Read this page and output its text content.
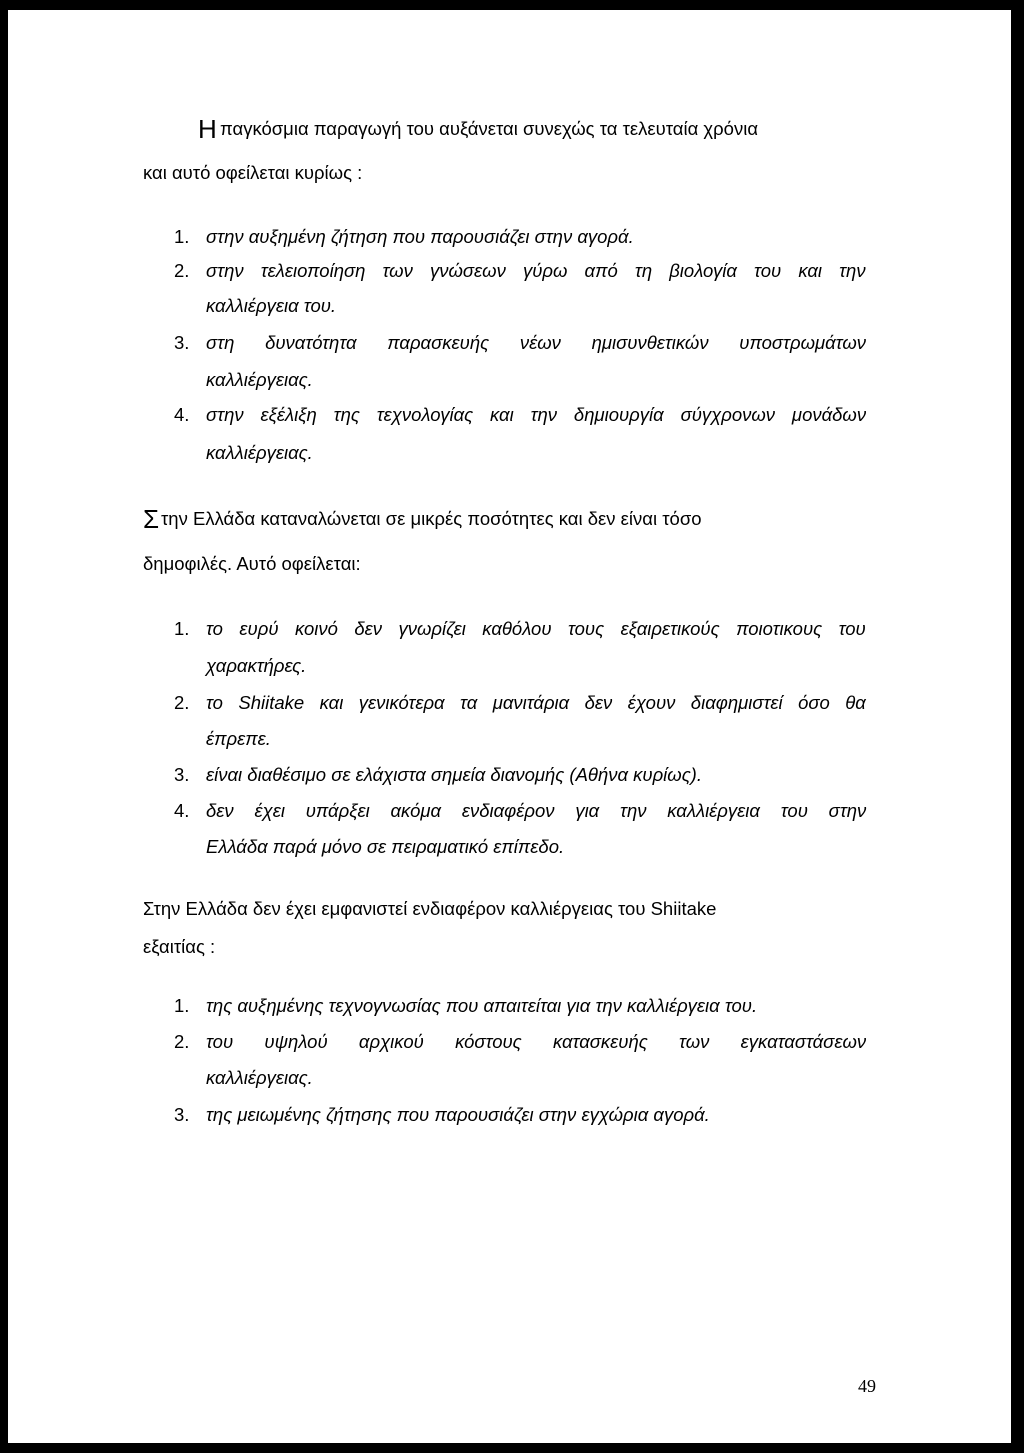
Η παγκόσμια παραγωγή του αυξάνεται συνεχώς τα τελευταία χρόνια
και αυτό οφείλεται κυρίως :
1. στην αυξημένη ζήτηση που παρουσιάζει στην αγορά.
2. στην τελειοποίηση των γνώσεων γύρω από τη βιολογία του και την
καλλιέργεια του.
3. στη δυνατότητα παρασκευής νέων ημισυνθετικών υποστρωμάτων
καλλιέργειας.
4. στην εξέλιξη της τεχνολογίας και την δημιουργία σύγχρονων μονάδων
καλλιέργειας.
Σ την Ελλάδα καταναλώνεται σε μικρές ποσότητες και δεν είναι τόσο
δημοφιλές. Αυτό οφείλεται:
1. το ευρύ κοινό δεν γνωρίζει καθόλου τους εξαιρετικούς ποιοτικους του
χαρακτήρες.
2. το Shiitake και γενικότερα τα μανιτάρια δεν έχουν διαφημιστεί όσο θα
έπρεπε.
3. είναι διαθέσιμο σε ελάχιστα σημεία διανομής (Αθήνα κυρίως).
4. δεν έχει υπάρξει ακόμα ενδιαφέρον για την καλλιέργεια του στην
Ελλάδα παρά μόνο σε πειραματικό επίπεδο.
Στην Ελλάδα δεν έχει εμφανιστεί ενδιαφέρον καλλιέργειας του Shiitake
εξαιτίας :
1. της αυξημένης τεχνογνωσίας που απαιτείται για την καλλιέργεια του.
2. του υψηλού αρχικού κόστους κατασκευής των εγκαταστάσεων
καλλιέργειας.
3. της μειωμένης ζήτησης που παρουσιάζει στην εγχώρια αγορά.
49
